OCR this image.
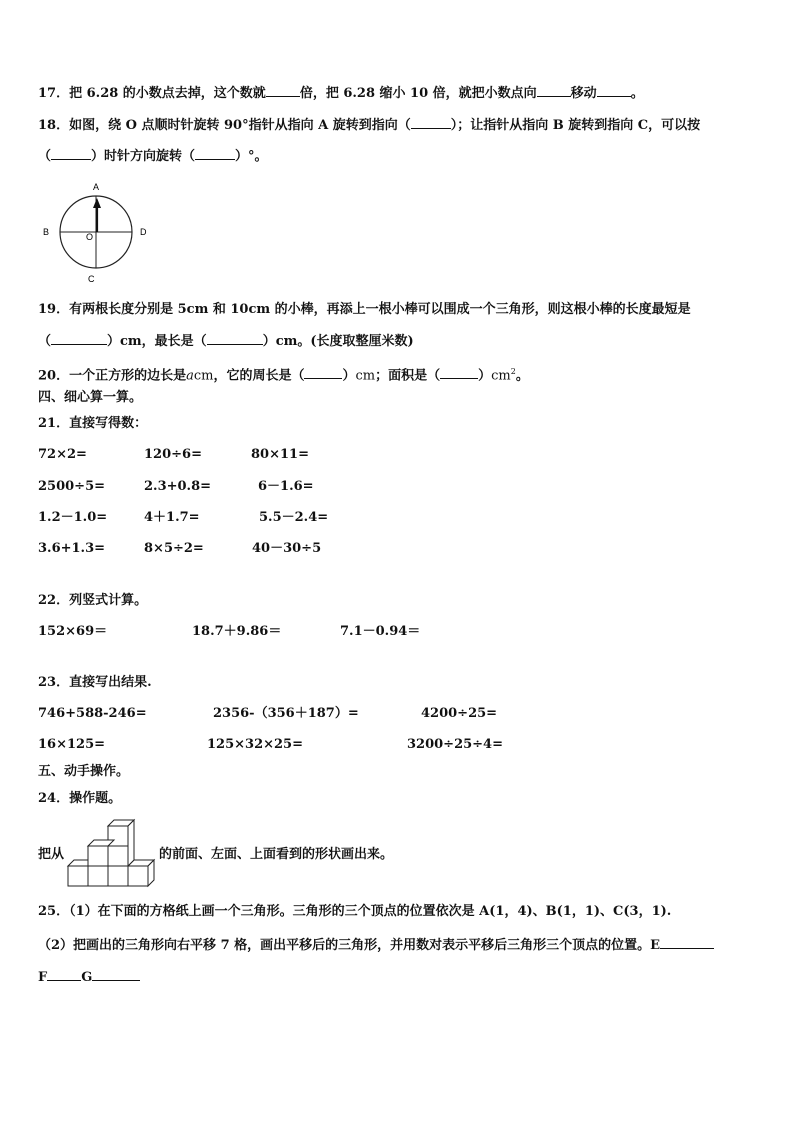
17．把 6.28 的小数点去掉，这个数就	倍，把 6.28 缩小 10 倍，就把小数点向	移动	。
18．如图，绕 O 点顺时针旋转 90°指针从指向 A 旋转到指向（	）；让指针从指向 B 旋转到指向 C，可以按
（	）时针方向旋转（	）°。
A
B
C
D
O
19．有两根长度分别是 5cm 和 10cm 的小棒，再添上一根小棒可以围成一个三角形，则这根小棒的长度最短是
（	）cm，最长是（	）cm。(长度取整厘米数)
20．一个正方形的边长是acm，它的周长是（	）cm；面积是（	）$cm^2$。
四、细心算一算。
21．直接写得数：
72×2=	120÷6=	80×11=
2500÷5=	2.3+0.8=	6－1.6=
1.2－1.0=	4＋1.7=	5.5－2.4=
3.6+1.3=	8×5÷2=	40－30÷5
22．列竖式计算。
152×69＝	18.7＋9.86＝	7.1－0.94＝
23．直接写出结果.
746+588-246=	2356-（356＋187）=	4200÷25=
16×125=	125×32×25=	3200÷25÷4=
五、动手操作。
24．操作题。
把从	的前面、左面、上面看到的形状画出来。
25．（1）在下面的方格纸上画一个三角形。三角形的三个顶点的位置依次是 A(1，4)、B(1，1)、C(3，1).
（2）把画出的三角形向右平移 7 格，画出平移后的三角形，并用数对表示平移后三角形三个顶点的位置。E
F	G
